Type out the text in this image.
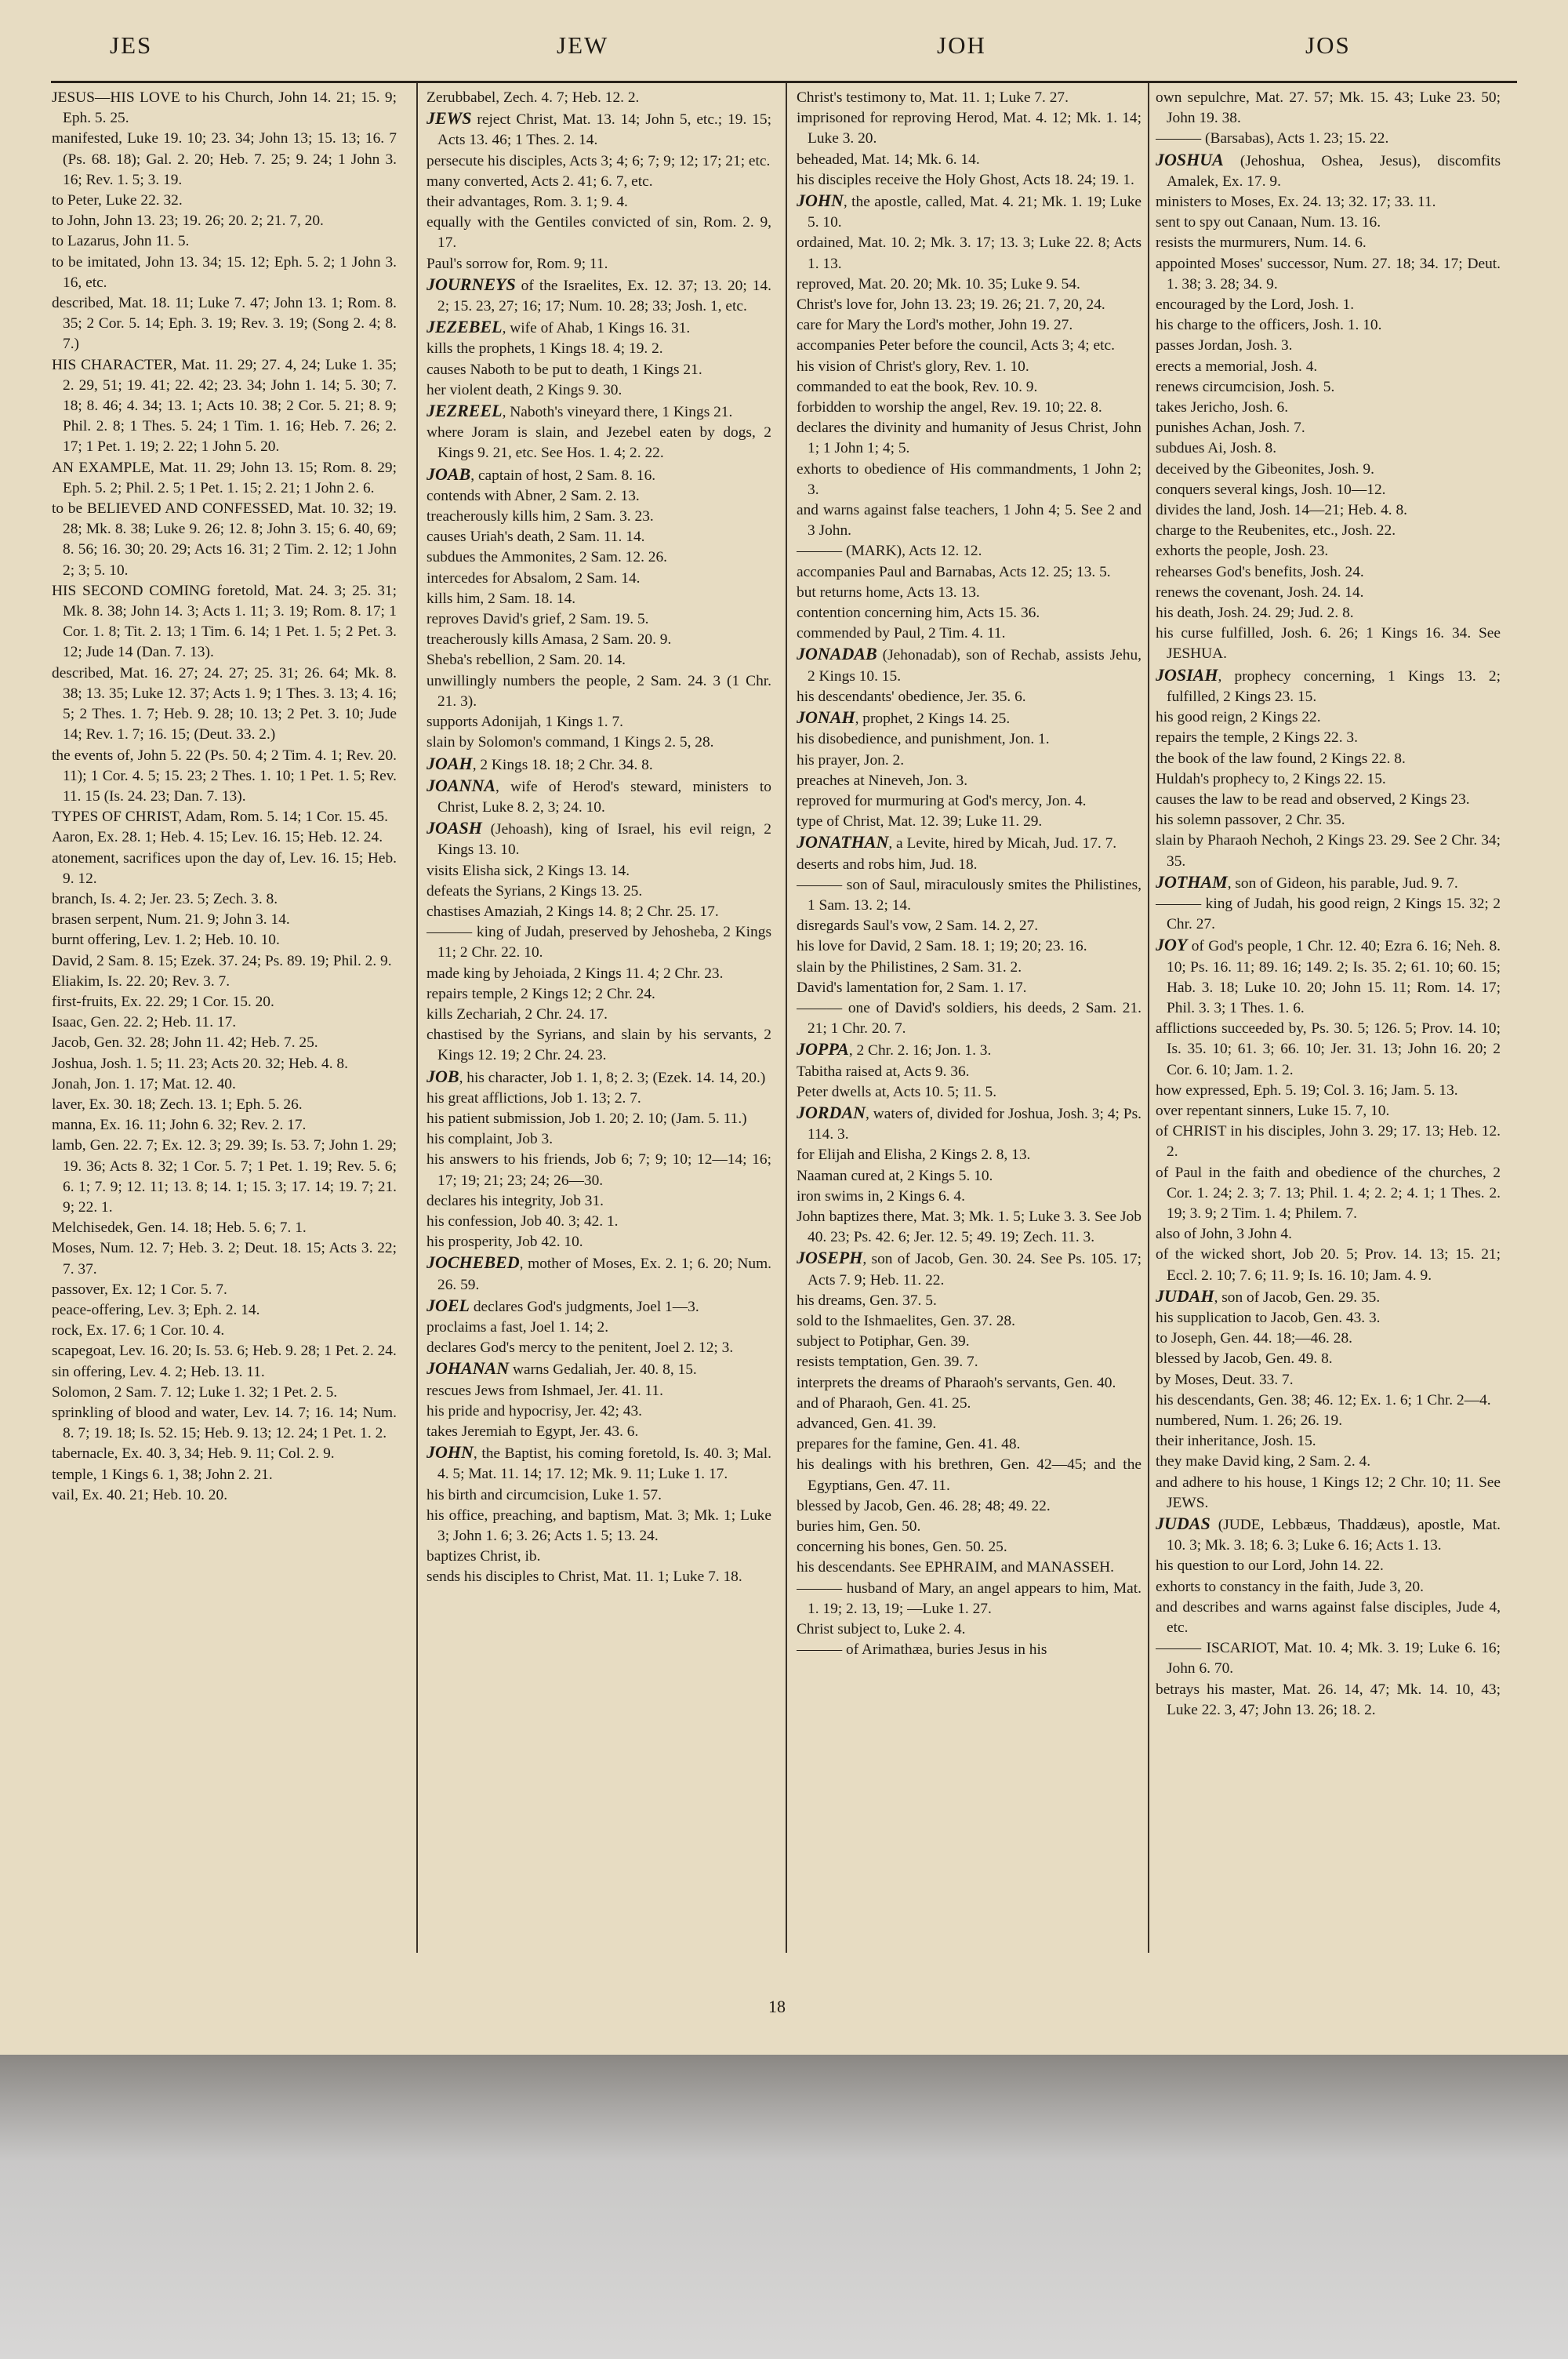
JES	JEW	JOH	JOS

JESUS—HIS LOVE to his Church, John 14. 21; 15. 9; Eph. 5. 25.

manifested, Luke 19. 10; 23. 34; John 13; 15. 13; 16. 7 (Ps. 68. 18); Gal. 2. 20; Heb. 7. 25; 9. 24; 1 John 3. 16; Rev. 1. 5; 3. 19.

to Peter, Luke 22. 32.

to John, John 13. 23; 19. 26; 20. 2; 21. 7, 20.

to Lazarus, John 11. 5.

to be imitated, John 13. 34; 15. 12; Eph. 5. 2; 1 John 3. 16, etc.

described, Mat. 18. 11; Luke 7. 47; John 13. 1; Rom. 8. 35; 2 Cor. 5. 14; Eph. 3. 19; Rev. 3. 19; (Song 2. 4; 8. 7.)

HIS CHARACTER, Mat. 11. 29; 27. 4, 24; Luke 1. 35; 2. 29, 51; 19. 41; 22. 42; 23. 34; John 1. 14; 5. 30; 7. 18; 8. 46; 4. 34; 13. 1; Acts 10. 38; 2 Cor. 5. 21; 8. 9; Phil. 2. 8; 1 Thes. 5. 24; 1 Tim. 1. 16; Heb. 7. 26; 2. 17; 1 Pet. 1. 19; 2. 22; 1 John 5. 20.

AN EXAMPLE, Mat. 11. 29; John 13. 15; Rom. 8. 29; Eph. 5. 2; Phil. 2. 5; 1 Pet. 1. 15; 2. 21; 1 John 2. 6.

to be BELIEVED AND CONFESSED, Mat. 10. 32; 19. 28; Mk. 8. 38; Luke 9. 26; 12. 8; John 3. 15; 6. 40, 69; 8. 56; 16. 30; 20. 29; Acts 16. 31; 2 Tim. 2. 12; 1 John 2; 3; 5. 10.

HIS SECOND COMING foretold, Mat. 24. 3; 25. 31; Mk. 8. 38; John 14. 3; Acts 1. 11; 3. 19; Rom. 8. 17; 1 Cor. 1. 8; Tit. 2. 13; 1 Tim. 6. 14; 1 Pet. 1. 5; 2 Pet. 3. 12; Jude 14 (Dan. 7. 13).

described, Mat. 16. 27; 24. 27; 25. 31; 26. 64; Mk. 8. 38; 13. 35; Luke 12. 37; Acts 1. 9; 1 Thes. 3. 13; 4. 16; 5; 2 Thes. 1. 7; Heb. 9. 28; 10. 13; 2 Pet. 3. 10; Jude 14; Rev. 1. 7; 16. 15; (Deut. 33. 2.)

the events of, John 5. 22 (Ps. 50. 4; 2 Tim. 4. 1; Rev. 20. 11); 1 Cor. 4. 5; 15. 23; 2 Thes. 1. 10; 1 Pet. 1. 5; Rev. 11. 15 (Is. 24. 23; Dan. 7. 13).

TYPES OF CHRIST, Adam, Rom. 5. 14; 1 Cor. 15. 45.

Aaron, Ex. 28. 1; Heb. 4. 15; Lev. 16. 15; Heb. 12. 24.

atonement, sacrifices upon the day of, Lev. 16. 15; Heb. 9. 12.

branch, Is. 4. 2; Jer. 23. 5; Zech. 3. 8.

brasen serpent, Num. 21. 9; John 3. 14.

burnt offering, Lev. 1. 2; Heb. 10. 10.

David, 2 Sam. 8. 15; Ezek. 37. 24; Ps. 89. 19; Phil. 2. 9.

Eliakim, Is. 22. 20; Rev. 3. 7.

first-fruits, Ex. 22. 29; 1 Cor. 15. 20.

Isaac, Gen. 22. 2; Heb. 11. 17.

Jacob, Gen. 32. 28; John 11. 42; Heb. 7. 25.

Joshua, Josh. 1. 5; 11. 23; Acts 20. 32; Heb. 4. 8.

Jonah, Jon. 1. 17; Mat. 12. 40.

laver, Ex. 30. 18; Zech. 13. 1; Eph. 5. 26.

manna, Ex. 16. 11; John 6. 32; Rev. 2. 17.

lamb, Gen. 22. 7; Ex. 12. 3; 29. 39; Is. 53. 7; John 1. 29; 19. 36; Acts 8. 32; 1 Cor. 5. 7; 1 Pet. 1. 19; Rev. 5. 6; 6. 1; 7. 9; 12. 11; 13. 8; 14. 1; 15. 3; 17. 14; 19. 7; 21. 9; 22. 1.

Melchisedek, Gen. 14. 18; Heb. 5. 6; 7. 1.

Moses, Num. 12. 7; Heb. 3. 2; Deut. 18. 15; Acts 3. 22; 7. 37.

passover, Ex. 12; 1 Cor. 5. 7.

peace-offering, Lev. 3; Eph. 2. 14.

rock, Ex. 17. 6; 1 Cor. 10. 4.

scapegoat, Lev. 16. 20; Is. 53. 6; Heb. 9. 28; 1 Pet. 2. 24.

sin offering, Lev. 4. 2; Heb. 13. 11.

Solomon, 2 Sam. 7. 12; Luke 1. 32; 1 Pet. 2. 5.

sprinkling of blood and water, Lev. 14. 7; 16. 14; Num. 8. 7; 19. 18; Is. 52. 15; Heb. 9. 13; 12. 24; 1 Pet. 1. 2.

tabernacle, Ex. 40. 3, 34; Heb. 9. 11; Col. 2. 9.

temple, 1 Kings 6. 1, 38; John 2. 21.

vail, Ex. 40. 21; Heb. 10. 20.

Zerubbabel, Zech. 4. 7; Heb. 12. 2.

JEWS reject Christ, Mat. 13. 14; John 5, etc.; 19. 15; Acts 13. 46; 1 Thes. 2. 14.

persecute his disciples, Acts 3; 4; 6; 7; 9; 12; 17; 21; etc.

many converted, Acts 2. 41; 6. 7, etc.

their advantages, Rom. 3. 1; 9. 4.

equally with the Gentiles convicted of sin, Rom. 2. 9, 17.

Paul's sorrow for, Rom. 9; 11.

JOURNEYS of the Israelites, Ex. 12. 37; 13. 20; 14. 2; 15. 23, 27; 16; 17; Num. 10. 28; 33; Josh. 1, etc.

JEZEBEL, wife of Ahab, 1 Kings 16. 31.

kills the prophets, 1 Kings 18. 4; 19. 2.

causes Naboth to be put to death, 1 Kings 21.

her violent death, 2 Kings 9. 30.

JEZREEL, Naboth's vineyard there, 1 Kings 21.

where Joram is slain, and Jezebel eaten by dogs, 2 Kings 9. 21, etc. See Hos. 1. 4; 2. 22.

JOAB, captain of host, 2 Sam. 8. 16.

contends with Abner, 2 Sam. 2. 13.

treacherously kills him, 2 Sam. 3. 23.

causes Uriah's death, 2 Sam. 11. 14.

subdues the Ammonites, 2 Sam. 12. 26.

intercedes for Absalom, 2 Sam. 14.

kills him, 2 Sam. 18. 14.

reproves David's grief, 2 Sam. 19. 5.

treacherously kills Amasa, 2 Sam. 20. 9.

Sheba's rebellion, 2 Sam. 20. 14.

unwillingly numbers the people, 2 Sam. 24. 3 (1 Chr. 21. 3).

supports Adonijah, 1 Kings 1. 7.

slain by Solomon's command, 1 Kings 2. 5, 28.

JOAH, 2 Kings 18. 18; 2 Chr. 34. 8.

JOANNA, wife of Herod's steward, ministers to Christ, Luke 8. 2, 3; 24. 10.

JOASH (Jehoash), king of Israel, his evil reign, 2 Kings 13. 10.

visits Elisha sick, 2 Kings 13. 14.

defeats the Syrians, 2 Kings 13. 25.

chastises Amaziah, 2 Kings 14. 8; 2 Chr. 25. 17.

——— king of Judah, preserved by Jehosheba, 2 Kings 11; 2 Chr. 22. 10.

made king by Jehoiada, 2 Kings 11. 4; 2 Chr. 23.

repairs temple, 2 Kings 12; 2 Chr. 24.

kills Zechariah, 2 Chr. 24. 17.

chastised by the Syrians, and slain by his servants, 2 Kings 12. 19; 2 Chr. 24. 23.

JOB, his character, Job 1. 1, 8; 2. 3; (Ezek. 14. 14, 20.)

his great afflictions, Job 1. 13; 2. 7.

his patient submission, Job 1. 20; 2. 10; (Jam. 5. 11.)

his complaint, Job 3.

his answers to his friends, Job 6; 7; 9; 10; 12—14; 16; 17; 19; 21; 23; 24; 26—30.

declares his integrity, Job 31.

his confession, Job 40. 3; 42. 1.

his prosperity, Job 42. 10.

JOCHEBED, mother of Moses, Ex. 2. 1; 6. 20; Num. 26. 59.

JOEL declares God's judgments, Joel 1—3.

proclaims a fast, Joel 1. 14; 2.

declares God's mercy to the penitent, Joel 2. 12; 3.

JOHANAN warns Gedaliah, Jer. 40. 8, 15.

rescues Jews from Ishmael, Jer. 41. 11.

his pride and hypocrisy, Jer. 42; 43.

takes Jeremiah to Egypt, Jer. 43. 6.

JOHN, the Baptist, his coming foretold, Is. 40. 3; Mal. 4. 5; Mat. 11. 14; 17. 12; Mk. 9. 11; Luke 1. 17.

his birth and circumcision, Luke 1. 57.

his office, preaching, and baptism, Mat. 3; Mk. 1; Luke 3; John 1. 6; 3. 26; Acts 1. 5; 13. 24.

baptizes Christ, ib.

sends his disciples to Christ, Mat. 11. 1; Luke 7. 18.

Christ's testimony to, Mat. 11. 1; Luke 7. 27.

imprisoned for reproving Herod, Mat. 4. 12; Mk. 1. 14; Luke 3. 20.

beheaded, Mat. 14; Mk. 6. 14.

his disciples receive the Holy Ghost, Acts 18. 24; 19. 1.

JOHN, the apostle, called, Mat. 4. 21; Mk. 1. 19; Luke 5. 10.

ordained, Mat. 10. 2; Mk. 3. 17; 13. 3; Luke 22. 8; Acts 1. 13.

reproved, Mat. 20. 20; Mk. 10. 35; Luke 9. 54.

Christ's love for, John 13. 23; 19. 26; 21. 7, 20, 24.

care for Mary the Lord's mother, John 19. 27.

accompanies Peter before the council, Acts 3; 4; etc.

his vision of Christ's glory, Rev. 1. 10.

commanded to eat the book, Rev. 10. 9.

forbidden to worship the angel, Rev. 19. 10; 22. 8.

declares the divinity and humanity of Jesus Christ, John 1; 1 John 1; 4; 5.

exhorts to obedience of His commandments, 1 John 2; 3.

and warns against false teachers, 1 John 4; 5. See 2 and 3 John.

——— (MARK), Acts 12. 12.

accompanies Paul and Barnabas, Acts 12. 25; 13. 5.

but returns home, Acts 13. 13.

contention concerning him, Acts 15. 36.

commended by Paul, 2 Tim. 4. 11.

JONADAB (Jehonadab), son of Rechab, assists Jehu, 2 Kings 10. 15.

his descendants' obedience, Jer. 35. 6.

JONAH, prophet, 2 Kings 14. 25.

his disobedience, and punishment, Jon. 1.

his prayer, Jon. 2.

preaches at Nineveh, Jon. 3.

reproved for murmuring at God's mercy, Jon. 4.

type of Christ, Mat. 12. 39; Luke 11. 29.

JONATHAN, a Levite, hired by Micah, Jud. 17. 7.

deserts and robs him, Jud. 18.

——— son of Saul, miraculously smites the Philistines, 1 Sam. 13. 2; 14.

disregards Saul's vow, 2 Sam. 14. 2, 27.

his love for David, 2 Sam. 18. 1; 19; 20; 23. 16.

slain by the Philistines, 2 Sam. 31. 2.

David's lamentation for, 2 Sam. 1. 17.

——— one of David's soldiers, his deeds, 2 Sam. 21. 21; 1 Chr. 20. 7.

JOPPA, 2 Chr. 2. 16; Jon. 1. 3.

Tabitha raised at, Acts 9. 36.

Peter dwells at, Acts 10. 5; 11. 5.

JORDAN, waters of, divided for Joshua, Josh. 3; 4; Ps. 114. 3.

for Elijah and Elisha, 2 Kings 2. 8, 13.

Naaman cured at, 2 Kings 5. 10.

iron swims in, 2 Kings 6. 4.

John baptizes there, Mat. 3; Mk. 1. 5; Luke 3. 3. See Job 40. 23; Ps. 42. 6; Jer. 12. 5; 49. 19; Zech. 11. 3.

JOSEPH, son of Jacob, Gen. 30. 24. See Ps. 105. 17; Acts 7. 9; Heb. 11. 22.

his dreams, Gen. 37. 5.

sold to the Ishmaelites, Gen. 37. 28.

subject to Potiphar, Gen. 39.

resists temptation, Gen. 39. 7.

interprets the dreams of Pharaoh's servants, Gen. 40.

and of Pharaoh, Gen. 41. 25.

advanced, Gen. 41. 39.

prepares for the famine, Gen. 41. 48.

his dealings with his brethren, Gen. 42—45; and the Egyptians, Gen. 47. 11.

blessed by Jacob, Gen. 46. 28; 48; 49. 22.

buries him, Gen. 50.

concerning his bones, Gen. 50. 25.

his descendants. See EPHRAIM, and MANASSEH.

——— husband of Mary, an angel appears to him, Mat. 1. 19; 2. 13, 19; —Luke 1. 27.

Christ subject to, Luke 2. 4.

——— of Arimathæa, buries Jesus in his

own sepulchre, Mat. 27. 57; Mk. 15. 43; Luke 23. 50; John 19. 38.

——— (Barsabas), Acts 1. 23; 15. 22.

JOSHUA (Jehoshua, Oshea, Jesus), discomfits Amalek, Ex. 17. 9.

ministers to Moses, Ex. 24. 13; 32. 17; 33. 11.

sent to spy out Canaan, Num. 13. 16.

resists the murmurers, Num. 14. 6.

appointed Moses' successor, Num. 27. 18; 34. 17; Deut. 1. 38; 3. 28; 34. 9.

encouraged by the Lord, Josh. 1.

his charge to the officers, Josh. 1. 10.

passes Jordan, Josh. 3.

erects a memorial, Josh. 4.

renews circumcision, Josh. 5.

takes Jericho, Josh. 6.

punishes Achan, Josh. 7.

subdues Ai, Josh. 8.

deceived by the Gibeonites, Josh. 9.

conquers several kings, Josh. 10—12.

divides the land, Josh. 14—21; Heb. 4. 8.

charge to the Reubenites, etc., Josh. 22.

exhorts the people, Josh. 23.

rehearses God's benefits, Josh. 24.

renews the covenant, Josh. 24. 14.

his death, Josh. 24. 29; Jud. 2. 8.

his curse fulfilled, Josh. 6. 26; 1 Kings 16. 34. See JESHUA.

JOSIAH, prophecy concerning, 1 Kings 13. 2; fulfilled, 2 Kings 23. 15.

his good reign, 2 Kings 22.

repairs the temple, 2 Kings 22. 3.

the book of the law found, 2 Kings 22. 8.

Huldah's prophecy to, 2 Kings 22. 15.

causes the law to be read and observed, 2 Kings 23.

his solemn passover, 2 Chr. 35.

slain by Pharaoh Nechoh, 2 Kings 23. 29. See 2 Chr. 34; 35.

JOTHAM, son of Gideon, his parable, Jud. 9. 7.

——— king of Judah, his good reign, 2 Kings 15. 32; 2 Chr. 27.

JOY of God's people, 1 Chr. 12. 40; Ezra 6. 16; Neh. 8. 10; Ps. 16. 11; 89. 16; 149. 2; Is. 35. 2; 61. 10; 60. 15; Hab. 3. 18; Luke 10. 20; John 15. 11; Rom. 14. 17; Phil. 3. 3; 1 Thes. 1. 6.

afflictions succeeded by, Ps. 30. 5; 126. 5; Prov. 14. 10; Is. 35. 10; 61. 3; 66. 10; Jer. 31. 13; John 16. 20; 2 Cor. 6. 10; Jam. 1. 2.

how expressed, Eph. 5. 19; Col. 3. 16; Jam. 5. 13.

over repentant sinners, Luke 15. 7, 10.

of CHRIST in his disciples, John 3. 29; 17. 13; Heb. 12. 2.

of Paul in the faith and obedience of the churches, 2 Cor. 1. 24; 2. 3; 7. 13; Phil. 1. 4; 2. 2; 4. 1; 1 Thes. 2. 19; 3. 9; 2 Tim. 1. 4; Philem. 7.

also of John, 3 John 4.

of the wicked short, Job 20. 5; Prov. 14. 13; 15. 21; Eccl. 2. 10; 7. 6; 11. 9; Is. 16. 10; Jam. 4. 9.

JUDAH, son of Jacob, Gen. 29. 35.

his supplication to Jacob, Gen. 43. 3.

to Joseph, Gen. 44. 18;—46. 28.

blessed by Jacob, Gen. 49. 8.

by Moses, Deut. 33. 7.

his descendants, Gen. 38; 46. 12; Ex. 1. 6; 1 Chr. 2—4.

numbered, Num. 1. 26; 26. 19.

their inheritance, Josh. 15.

they make David king, 2 Sam. 2. 4.

and adhere to his house, 1 Kings 12; 2 Chr. 10; 11. See JEWS.

JUDAS (JUDE, Lebbæus, Thaddæus), apostle, Mat. 10. 3; Mk. 3. 18; 6. 3; Luke 6. 16; Acts 1. 13.

his question to our Lord, John 14. 22.

exhorts to constancy in the faith, Jude 3, 20.

and describes and warns against false disciples, Jude 4, etc.

——— ISCARIOT, Mat. 10. 4; Mk. 3. 19; Luke 6. 16; John 6. 70.

betrays his master, Mat. 26. 14, 47; Mk. 14. 10, 43; Luke 22. 3, 47; John 13. 26; 18. 2.

18
